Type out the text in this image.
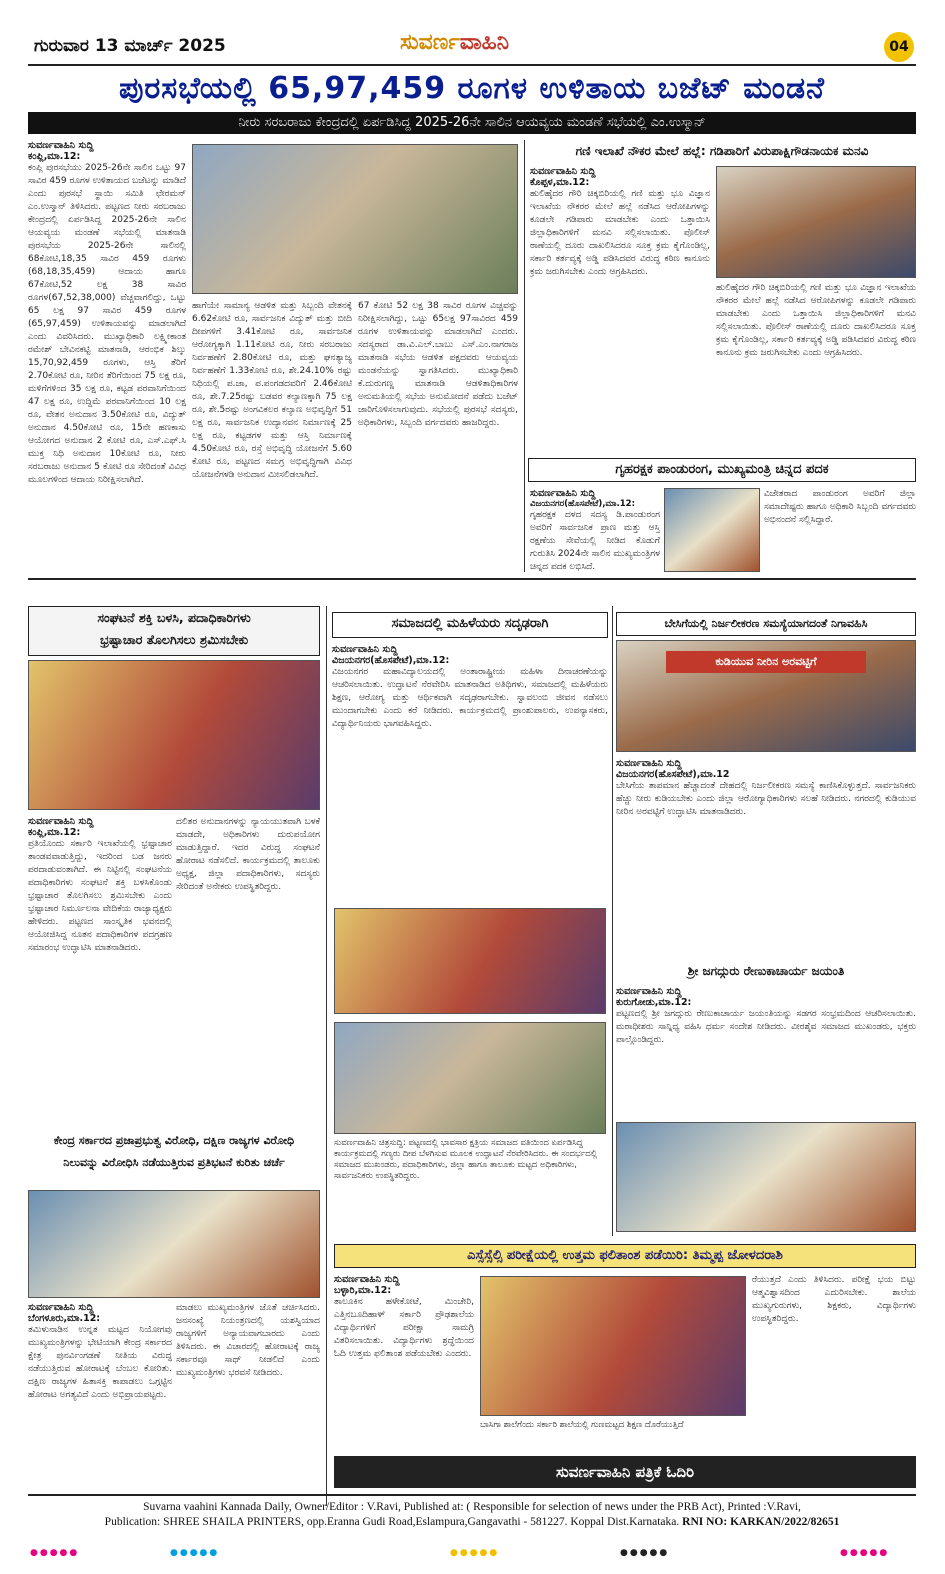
ಗುರುವಾರ 13 ಮಾರ್ಚ್ 2025	ಸುವರ್ಣವಾಹಿನಿ	04
ಪುರಸಭೆಯಲ್ಲಿ 65,97,459 ರೂಗಳ ಉಳಿತಾಯ ಬಜೆಟ್ ಮಂಡನೆ
ನೀರು ಸರಬರಾಜು ಕೇಂದ್ರದಲ್ಲಿ ಏರ್ಪಡಿಸಿದ್ದ 2025-26ನೇ ಸಾಲಿನ ಆಯವ್ಯಯ ಮಂಡಣೆ ಸಭೆಯಲ್ಲಿ ಎಂ.ಉಸ್ಮಾನ್
ಸುವರ್ಣವಾಹಿನಿ ಸುದ್ದಿ
ಕಂಪ್ಲಿ,ಮಾ.12:
ಕಂಪ್ಲಿ ಪುರಸಭೆಯು 2025-26ನೇ ಸಾಲಿನ ಒಟ್ಟು 97 ಸಾವಿರ 459 ರೂಗಳ ಉಳಿತಾಯದ ಬಜೆಟನ್ನು ಮಾಡಿದೆ ಎಂದು ಪುರಸಭೆ ಸ್ಥಾಯಿ ಸಮಿತಿ ಛೇರಮನ್ ಎಂ.ಉಸ್ಮಾನ್ ತಿಳಿಸಿದರು. ಪಟ್ಟಣದ ನೀರು ಸರಬರಾಜು ಕೇಂದ್ರದಲ್ಲಿ ಏರ್ಪಡಿಸಿದ್ದ 2025-26ನೇ ಸಾಲಿನ ಆಯವ್ಯಯ ಮಂಡಣೆ ಸಭೆಯಲ್ಲಿ ಮಾತನಾಡಿ ಪುರಸಭೆಯ 2025-26ನೇ ಸಾಲಿನಲ್ಲಿ 68ಕೋಟಿ,18,35 ಸಾವಿರ 459 ರೂಗಳು (68,18,35,459) ಆದಾಯ ಹಾಗೂ 67ಕೋಟಿ,52 ಲಕ್ಷ 38 ಸಾವಿರ ರೂಗಳ(67,52,38,000) ವೆಚ್ಚವಾಗಲಿದ್ದು, ಒಟ್ಟು 65 ಲಕ್ಷ 97 ಸಾವಿರ 459 ರೂಗಳ (65,97,459) ಉಳಿತಾಯವನ್ನು ಮಾಡಲಾಗಿದೆ ಎಂದು ವಿವರಿಸಿದರು. ಮುಖ್ಯಾಧಿಕಾರಿ ಲಕ್ಷ್ಮೀಕಾಂತ ರಮೇಶ್ ಬೇವಿನಕಟ್ಟಿ ಮಾತನಾಡಿ, ಆರಂಭಿಕ ಶಿಲ್ಕು 15,70,92,459 ರೂಗಳು, ಆಸ್ತಿ ತೆರಿಗೆ 2.70ಕೋಟಿ ರೂ, ನೀರಿನ ತೆರಿಗೆಯಿಂದ 75 ಲಕ್ಷ ರೂ, ಮಳಿಗೆಗಳಿಂದ 35 ಲಕ್ಷ ರೂ, ಕಟ್ಟಡ ಪರವಾನಿಗೆಯಿಂದ 47 ಲಕ್ಷ ರೂ, ಉದ್ದಿಮೆ ಪರವಾನಿಗೆಯಿಂದ 10 ಲಕ್ಷ ರೂ, ವೇತನ ಅನುದಾನ 3.50ಕೋಟಿ ರೂ, ವಿದ್ಯುತ್ ಅನುದಾನ 4.50ಕೋಟಿ ರೂ, 15ನೇ ಹಣಕಾಸು ಆಯೋಗದ ಅನುದಾನ 2 ಕೋಟಿ ರೂ, ಎಸ್.ಎಫ್.ಸಿ ಮುಕ್ತ ನಿಧಿ ಅನುದಾನ 10ಕೋಟಿ ರೂ, ನೀರು ಸರಬರಾಜು ಅನುದಾನ 5 ಕೋಟಿ ರೂ ಸೇರಿದಂತೆ ವಿವಿಧ ಮೂಲಗಳಿಂದ ಆದಾಯ ನಿರೀಕ್ಷಿಸಲಾಗಿದೆ.
ಹಾಗೆಯೇ ಸಾಮಾನ್ಯ ಆಡಳಿತ ಮತ್ತು ಸಿಬ್ಬಂದಿ ವೇತನಕ್ಕೆ 6.62ಕೋಟಿ ರೂ, ಸಾರ್ವಜನಿಕ ವಿದ್ಯುತ್ ಮತ್ತು ಬೀದಿ ದೀಪಗಳಿಗೆ 3.41ಕೋಟಿ ರೂ, ಸಾರ್ವಜನಿಕ ಆರೋಗ್ಯಕ್ಕಾಗಿ 1.11ಕೋಟಿ ರೂ, ನೀರು ಸರಬರಾಜು ನಿರ್ವಹಣೆಗೆ 2.80ಕೋಟಿ ರೂ, ಮತ್ತು ಘನತ್ಯಾಜ್ಯ ನಿರ್ವಹಣೆಗೆ 1.33ಕೋಟಿ ರೂ, ಶೇ.24.10% ರಷ್ಟು ನಿಧಿಯಲ್ಲಿ ಪ.ಜಾ, ಪ.ಪಂಗಡದವರಿಗೆ 2.46ಕೋಟಿ ರೂ, ಶೇ.7.25ರಷ್ಟು ಬಡವರ ಕಲ್ಯಾಣಕ್ಕಾಗಿ 75 ಲಕ್ಷ ರೂ, ಶೇ.5ರಷ್ಟು ಅಂಗವಿಕಲರ ಕಲ್ಯಾಣ ಅಭಿವೃದ್ಧಿಗೆ 51 ಲಕ್ಷ ರೂ, ಸಾರ್ವಜನಿಕ ಉದ್ಯಾನವನ ನಿರ್ಮಾಣಕ್ಕೆ 25 ಲಕ್ಷ ರೂ, ಕಟ್ಟಡಗಳ ಮತ್ತು ಆಸ್ತಿ ನಿರ್ಮಾಣಕ್ಕೆ 4.50ಕೋಟಿ ರೂ, ರಸ್ತೆ ಅಭಿವೃದ್ಧಿ ಯೋಜನೆಗೆ 5.60 ಕೋಟಿ ರೂ, ಪಟ್ಟಣದ ಸಮಗ್ರ ಅಭಿವೃದ್ಧಿಗಾಗಿ ವಿವಿಧ ಯೋಜನೆಗಳಡಿ ಅನುದಾನ ಮೀಸಲಿಡಲಾಗಿದೆ.
67 ಕೋಟಿ 52 ಲಕ್ಷ 38 ಸಾವಿರ ರೂಗಳ ವಿಚ್ಚವನ್ನು ನಿರೀಕ್ಷಿಸಲಾಗಿದ್ದು, ಒಟ್ಟು 65ಲಕ್ಷ 97ಸಾವಿರದ 459 ರೂಗಳ ಉಳಿತಾಯವನ್ನು ಮಾಡಲಾಗಿದೆ ಎಂದರು. ಸದಸ್ಯರಾದ ಡಾ.ವಿ.ಎಲ್.ಬಾಬು ಎಸ್.ಎಂ.ನಾಗರಾಜ ಮಾತನಾಡಿ ಸಭೆಯ ಆಡಳಿತ ಪಕ್ಷದವರು ಆಯವ್ಯಯ ಮಂಡನೆಯನ್ನು ಸ್ವಾಗತಿಸಿದರು. ಮುಖ್ಯಾಧಿಕಾರಿ ಕೆ.ದುರುಗಣ್ಣ ಮಾತನಾಡಿ ಆಡಳಿತಾಧಿಕಾರಿಗಳ ಅನುಮತಿಯಲ್ಲಿ ಸಭೆಯ ಅನುಮೋದನೆ ಪಡೆದು ಬಜೆಟ್ ಜಾರಿಗೊಳಿಸಲಾಗುವುದು. ಸಭೆಯಲ್ಲಿ ಪುರಸಭೆ ಸದಸ್ಯರು, ಅಧಿಕಾರಿಗಳು, ಸಿಬ್ಬಂದಿ ವರ್ಗದವರು ಹಾಜರಿದ್ದರು.
ಗಣಿ ಇಲಾಖೆ ನೌಕರ ಮೇಲೆ ಹಲ್ಲೆ: ಗಡಿಪಾರಿಗೆ ವಿರುಪಾಕ್ಷಿಗೌಡನಾಯಕ ಮನವಿ
ಸುವರ್ಣವಾಹಿನಿ ಸುದ್ದಿ
ಕೊಪ್ಪಳ,ಮಾ.12:
ಹುಲಿಹೈದರ ಗೌರಿ ಚಿಕ್ಕಬಿರಿಯಲ್ಲಿ ಗಣಿ ಮತ್ತು ಭೂ ವಿಜ್ಞಾನ ಇಲಾಖೆಯ ನೌಕರರ ಮೇಲೆ ಹಲ್ಲೆ ನಡೆಸಿದ ಆರೋಪಿಗಳನ್ನು ಕೂಡಲೇ ಗಡಿಪಾರು ಮಾಡಬೇಕು ಎಂದು ಒತ್ತಾಯಿಸಿ ಜಿಲ್ಲಾಧಿಕಾರಿಗಳಿಗೆ ಮನವಿ ಸಲ್ಲಿಸಲಾಯಿತು. ಪೊಲೀಸ್ ಠಾಣೆಯಲ್ಲಿ ದೂರು ದಾಖಲಿಸಿದರೂ ಸೂಕ್ತ ಕ್ರಮ ಕೈಗೊಂಡಿಲ್ಲ, ಸರ್ಕಾರಿ ಕರ್ತವ್ಯಕ್ಕೆ ಅಡ್ಡಿ ಪಡಿಸಿದವರ ವಿರುದ್ಧ ಕಠಿಣ ಕಾನೂನು ಕ್ರಮ ಜರುಗಿಸಬೇಕು ಎಂದು ಆಗ್ರಹಿಸಿದರು.
ಹುಲಿಹೈದರ ಗೌರಿ ಚಿಕ್ಕಬಿರಿಯಲ್ಲಿ ಗಣಿ ಮತ್ತು ಭೂ ವಿಜ್ಞಾನ ಇಲಾಖೆಯ ನೌಕರರ ಮೇಲೆ ಹಲ್ಲೆ ನಡೆಸಿದ ಆರೋಪಿಗಳನ್ನು ಕೂಡಲೇ ಗಡಿಪಾರು ಮಾಡಬೇಕು ಎಂದು ಒತ್ತಾಯಿಸಿ ಜಿಲ್ಲಾಧಿಕಾರಿಗಳಿಗೆ ಮನವಿ ಸಲ್ಲಿಸಲಾಯಿತು. ಪೊಲೀಸ್ ಠಾಣೆಯಲ್ಲಿ ದೂರು ದಾಖಲಿಸಿದರೂ ಸೂಕ್ತ ಕ್ರಮ ಕೈಗೊಂಡಿಲ್ಲ, ಸರ್ಕಾರಿ ಕರ್ತವ್ಯಕ್ಕೆ ಅಡ್ಡಿ ಪಡಿಸಿದವರ ವಿರುದ್ಧ ಕಠಿಣ ಕಾನೂನು ಕ್ರಮ ಜರುಗಿಸಬೇಕು ಎಂದು ಆಗ್ರಹಿಸಿದರು.
ಗೃಹರಕ್ಷಕ ಪಾಂಡುರಂಗ, ಮುಖ್ಯಮಂತ್ರಿ ಚಿನ್ನದ ಪದಕ
ಸುವರ್ಣವಾಹಿನಿ ಸುದ್ದಿ
ವಿಜಯನಗರ(ಹೊಸಪೇಟೆ),ಮಾ.12:
ಗೃಹರಕ್ಷಕ ದಳದ ಸದಸ್ಯ ಡಿ.ಪಾಂಡುರಂಗ ಅವರಿಗೆ ಸಾರ್ವಜನಿಕ ಪ್ರಾಣ ಮತ್ತು ಆಸ್ತಿ ರಕ್ಷಣೆಯ ಸೇವೆಯಲ್ಲಿ ನೀಡಿದ ಕೊಡುಗೆ ಗುರುತಿಸಿ 2024ನೇ ಸಾಲಿನ ಮುಖ್ಯಮಂತ್ರಿಗಳ ಚಿನ್ನದ ಪದಕ ಲಭಿಸಿದೆ.
ವಿಜೇತರಾದ ಪಾಂಡುರಂಗ ಅವರಿಗೆ ಜಿಲ್ಲಾ ಸಮಾದೇಷ್ಟರು ಹಾಗೂ ಅಧಿಕಾರಿ ಸಿಬ್ಬಂದಿ ವರ್ಗದವರು ಅಭಿನಂದನೆ ಸಲ್ಲಿಸಿದ್ದಾರೆ.
ಸಂಘಟನೆ ಶಕ್ತಿ ಬಳಸಿ, ಪದಾಧಿಕಾರಿಗಳು
ಭ್ರಷ್ಟಾಚಾರ ತೊಲಗಿಸಲು ಶ್ರಮಿಸಬೇಕು
ಸುವರ್ಣವಾಹಿನಿ ಸುದ್ದಿ
ಕಂಪ್ಲಿ,ಮಾ.12:
ಪ್ರತಿಯೊಂದು ಸರ್ಕಾರಿ ಇಲಾಖೆಯಲ್ಲಿ ಭ್ರಷ್ಟಾಚಾರ ತಾಂಡವವಾಡುತ್ತಿದ್ದು, ಇದರಿಂದ ಬಡ ಜನರು ಪರದಾಡುವಂತಾಗಿದೆ. ಈ ನಿಟ್ಟಿನಲ್ಲಿ ಸಂಘಟನೆಯ ಪದಾಧಿಕಾರಿಗಳು ಸಂಘಟನೆ ಶಕ್ತಿ ಬಳಸಿಕೊಂಡು ಭ್ರಷ್ಟಾಚಾರ ತೊಲಗಿಸಲು ಶ್ರಮಿಸಬೇಕು ಎಂದು ಭ್ರಷ್ಟಾಚಾರ ನಿರ್ಮೂಲನಾ ವೇದಿಕೆಯ ರಾಜ್ಯಾಧ್ಯಕ್ಷರು ಹೇಳಿದರು. ಪಟ್ಟಣದ ಸಾಂಸ್ಕೃತಿಕ ಭವನದಲ್ಲಿ ಆಯೋಜಿಸಿದ್ದ ನೂತನ ಪದಾಧಿಕಾರಿಗಳ ಪದಗ್ರಹಣ ಸಮಾರಂಭ ಉದ್ಘಾಟಿಸಿ ಮಾತನಾಡಿದರು.
ದಲಿತರ ಅನುದಾನಗಳನ್ನು ನ್ಯಾಯಯುತವಾಗಿ ಬಳಕೆ ಮಾಡದೇ, ಅಧಿಕಾರಿಗಳು ದುರುಪಯೋಗ ಮಾಡುತ್ತಿದ್ದಾರೆ. ಇದರ ವಿರುದ್ಧ ಸಂಘಟನೆ ಹೋರಾಟ ನಡೆಸಲಿದೆ. ಕಾರ್ಯಕ್ರಮದಲ್ಲಿ ತಾಲೂಕು ಅಧ್ಯಕ್ಷ, ಜಿಲ್ಲಾ ಪದಾಧಿಕಾರಿಗಳು, ಸದಸ್ಯರು ಸೇರಿದಂತೆ ಅನೇಕರು ಉಪಸ್ಥಿತರಿದ್ದರು.
ಸಮಾಜದಲ್ಲಿ ಮಹಿಳೆಯರು ಸದೃಢರಾಗಿ
ಸುವರ್ಣವಾಹಿನಿ ಸುದ್ದಿ
ವಿಜಯನಗರ(ಹೊಸಪೇಟೆ),ಮಾ.12:
ವಿಜಯನಗರ ಮಹಾವಿದ್ಯಾಲಯದಲ್ಲಿ ಅಂತಾರಾಷ್ಟ್ರೀಯ ಮಹಿಳಾ ದಿನಾಚರಣೆಯನ್ನು ಆಚರಿಸಲಾಯಿತು. ಉದ್ಘಾಟನೆ ನೆರವೇರಿಸಿ ಮಾತನಾಡಿದ ಅತಿಥಿಗಳು, ಸಮಾಜದಲ್ಲಿ ಮಹಿಳೆಯರು ಶಿಕ್ಷಣ, ಆರೋಗ್ಯ ಮತ್ತು ಆರ್ಥಿಕವಾಗಿ ಸದೃಢರಾಗಬೇಕು. ಸ್ವಾವಲಂಬಿ ಜೀವನ ನಡೆಸಲು ಮುಂದಾಗಬೇಕು ಎಂದು ಕರೆ ನೀಡಿದರು. ಕಾರ್ಯಕ್ರಮದಲ್ಲಿ ಪ್ರಾಂಶುಪಾಲರು, ಉಪನ್ಯಾಸಕರು, ವಿದ್ಯಾರ್ಥಿನಿಯರು ಭಾಗವಹಿಸಿದ್ದರು.
ಸುವರ್ಣವಾಹಿನಿ ಚಿತ್ರಸುದ್ದಿ: ಪಟ್ಟಣದಲ್ಲಿ ಭಾವಸಾರ ಕ್ಷತ್ರಿಯ ಸಮಾಜದ ವತಿಯಿಂದ ಏರ್ಪಡಿಸಿದ್ದ ಕಾರ್ಯಕ್ರಮದಲ್ಲಿ ಗಣ್ಯರು ದೀಪ ಬೆಳಗಿಸುವ ಮೂಲಕ ಉದ್ಘಾಟನೆ ನೆರವೇರಿಸಿದರು. ಈ ಸಂದರ್ಭದಲ್ಲಿ ಸಮಾಜದ ಮುಖಂಡರು, ಪದಾಧಿಕಾರಿಗಳು, ಜಿಲ್ಲಾ ಹಾಗೂ ತಾಲೂಕು ಮಟ್ಟದ ಅಧಿಕಾರಿಗಳು, ಸಾರ್ವಜನಿಕರು ಉಪಸ್ಥಿತರಿದ್ದರು.
ಬೇಸಿಗೆಯಲ್ಲಿ ನಿರ್ಜಲೀಕರಣ ಸಮಸ್ಯೆಯಾಗದಂತೆ ನಿಗಾವಹಿಸಿ
ಕುಡಿಯುವ ನೀರಿನ ಅರವಟ್ಟಿಗೆ
ಸುವರ್ಣವಾಹಿನಿ ಸುದ್ದಿ
ವಿಜಯನಗರ(ಹೊಸಪೇಟೆ),ಮಾ.12
ಬೇಸಿಗೆಯ ತಾಪಮಾನ ಹೆಚ್ಚಾದಂತೆ ದೇಹದಲ್ಲಿ ನಿರ್ಜಲೀಕರಣ ಸಮಸ್ಯೆ ಕಾಣಿಸಿಕೊಳ್ಳುತ್ತದೆ. ಸಾರ್ವಜನಿಕರು ಹೆಚ್ಚು ನೀರು ಕುಡಿಯಬೇಕು ಎಂದು ಜಿಲ್ಲಾ ಆರೋಗ್ಯಾಧಿಕಾರಿಗಳು ಸಲಹೆ ನೀಡಿದರು. ನಗರದಲ್ಲಿ ಕುಡಿಯುವ ನೀರಿನ ಅರವಟ್ಟಿಗೆ ಉದ್ಘಾಟಿಸಿ ಮಾತನಾಡಿದರು.
ಶ್ರೀ ಜಗದ್ಗುರು ರೇಣುಕಾಚಾರ್ಯ ಜಯಂತಿ
ಸುವರ್ಣವಾಹಿನಿ ಸುದ್ದಿ
ಕುರುಗೋಡು,ಮಾ.12:
ಪಟ್ಟಣದಲ್ಲಿ ಶ್ರೀ ಜಗದ್ಗುರು ರೇಣುಕಾಚಾರ್ಯ ಜಯಂತಿಯನ್ನು ಸಡಗರ ಸಂಭ್ರಮದಿಂದ ಆಚರಿಸಲಾಯಿತು. ಮಠಾಧೀಶರು ಸಾನ್ನಿಧ್ಯ ವಹಿಸಿ ಧರ್ಮ ಸಂದೇಶ ನೀಡಿದರು. ವೀರಶೈವ ಸಮಾಜದ ಮುಖಂಡರು, ಭಕ್ತರು ಪಾಲ್ಗೊಂಡಿದ್ದರು.
ಕೇಂದ್ರ ಸರ್ಕಾರದ ಪ್ರಜಾಪ್ರಭುತ್ವ ವಿರೋಧಿ, ದಕ್ಷಿಣ ರಾಜ್ಯಗಳ ವಿರೋಧಿ
ನಿಲುವನ್ನು ವಿರೋಧಿಸಿ ನಡೆಯುತ್ತಿರುವ ಪ್ರತಿಭಟನೆ ಕುರಿತು ಚರ್ಚೆ
ಸುವರ್ಣವಾಹಿನಿ ಸುದ್ದಿ
ಬೆಂಗಳೂರು,ಮಾ.12:
ತಮಿಳುನಾಡಿನ ಉನ್ನತ ಮಟ್ಟದ ನಿಯೋಗವು ಮುಖ್ಯಮಂತ್ರಿಗಳನ್ನು ಭೇಟಿಯಾಗಿ ಕೇಂದ್ರ ಸರ್ಕಾರದ ಕ್ಷೇತ್ರ ಪುನರ್ವಿಂಗಡಣೆ ನೀತಿಯ ವಿರುದ್ಧ ನಡೆಯುತ್ತಿರುವ ಹೋರಾಟಕ್ಕೆ ಬೆಂಬಲ ಕೋರಿತು. ದಕ್ಷಿಣ ರಾಜ್ಯಗಳ ಹಿತಾಸಕ್ತಿ ಕಾಪಾಡಲು ಒಗ್ಗಟ್ಟಿನ ಹೋರಾಟ ಅಗತ್ಯವಿದೆ ಎಂದು ಅಭಿಪ್ರಾಯಪಟ್ಟರು.
ಮಾಡಲು ಮುಖ್ಯಮಂತ್ರಿಗಳ ಜೊತೆ ಚರ್ಚಿಸಿದರು. ಜನಸಂಖ್ಯೆ ನಿಯಂತ್ರಣದಲ್ಲಿ ಯಶಸ್ವಿಯಾದ ರಾಜ್ಯಗಳಿಗೆ ಅನ್ಯಾಯವಾಗಬಾರದು ಎಂದು ತಿಳಿಸಿದರು. ಈ ವಿಚಾರದಲ್ಲಿ ಹೋರಾಟಕ್ಕೆ ರಾಜ್ಯ ಸರ್ಕಾರವೂ ಸಾಥ್ ನೀಡಲಿದೆ ಎಂದು ಮುಖ್ಯಮಂತ್ರಿಗಳು ಭರವಸೆ ನೀಡಿದರು.
ಎಸ್ಸೆಸ್ಸೆಲ್ಸಿ ಪರೀಕ್ಷೆಯಲ್ಲಿ ಉತ್ತಮ ಫಲಿತಾಂಶ ಪಡೆಯಿರಿ: ತಿಮ್ಮಪ್ಪ ಜೋಳದರಾಶಿ
ಸುವರ್ಣವಾಹಿನಿ ಸುದ್ದಿ
ಬಳ್ಳಾರಿ,ಮಾ.12:
ತಾಲೂಕಿನ ಹಳೇಕೋಟೆ, ಮಿಂಚೇರಿ, ಎತ್ತಿನಬೂದಿಹಾಳ್ ಸರ್ಕಾರಿ ಪ್ರೌಢಶಾಲೆಯ ವಿದ್ಯಾರ್ಥಿಗಳಿಗೆ ಪರೀಕ್ಷಾ ಸಾಮಗ್ರಿ ವಿತರಿಸಲಾಯಿತು. ವಿದ್ಯಾರ್ಥಿಗಳು ಶ್ರದ್ಧೆಯಿಂದ ಓದಿ ಉತ್ತಮ ಫಲಿತಾಂಶ ಪಡೆಯಬೇಕು ಎಂದರು.
ಬಾಸಿಗಾ ಶಾಲೆಗೆಂದು ಸರ್ಕಾರಿ ಶಾಲೆಯಲ್ಲಿ ಗುಣಮಟ್ಟದ ಶಿಕ್ಷಣ ದೊರೆಯುತ್ತಿದೆ
ರೆಯುತ್ತದೆ ಎಂದು ತಿಳಿಸಿದರು. ಪರೀಕ್ಷೆ ಭಯ ಬಿಟ್ಟು ಆತ್ಮವಿಶ್ವಾಸದಿಂದ ಎದುರಿಸಬೇಕು. ಶಾಲೆಯ ಮುಖ್ಯಗುರುಗಳು, ಶಿಕ್ಷಕರು, ವಿದ್ಯಾರ್ಥಿಗಳು ಉಪಸ್ಥಿತರಿದ್ದರು.
ಸುವರ್ಣವಾಹಿನಿ ಪತ್ರಿಕೆ ಓದಿರಿ
Suvarna vaahini Kannada Daily, Owner/Editor : V.Ravi, Published at: ( Responsible for selection of news under the PRB Act), Printed :V.Ravi,
Publication: SHREE SHAILA PRINTERS, opp.Eranna Gudi Road,Eslampura,Gangavathi - 581227. Koppal Dist.Karnataka. RNI NO: KARKAN/2022/82651
●●●●●	●●●●●	●●●●●	●●●●●	●●●●●
